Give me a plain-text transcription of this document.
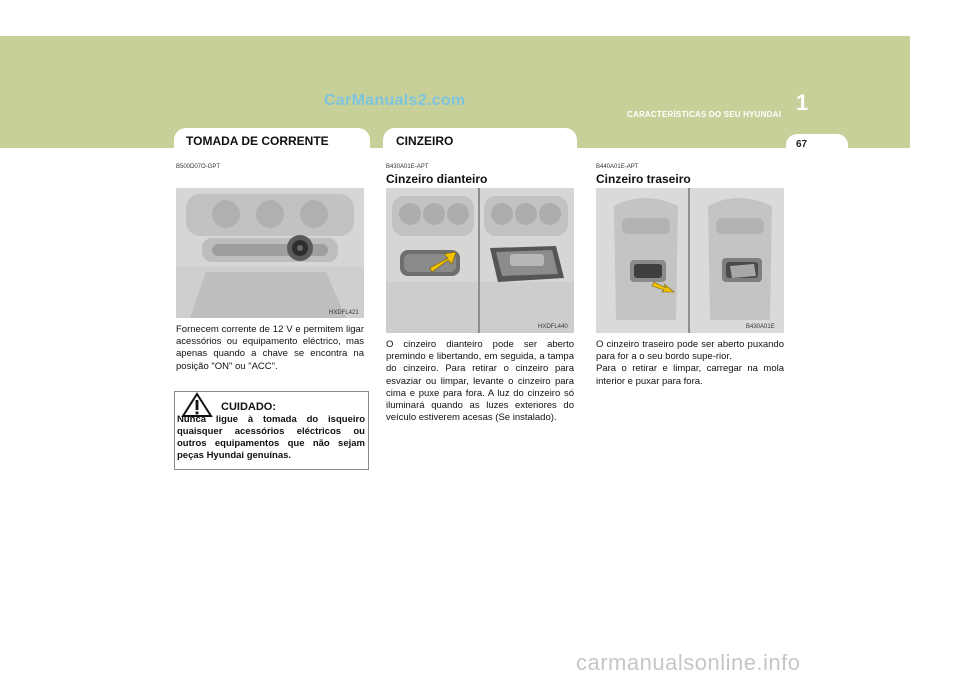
CarManuals2.com	1
CARACTERÍSTICAS DO SEU HYUNDAI
67
TOMADA DE CORRENTE
B500D07O-GPT
HXDFL421

Fornecem corrente de 12 V e permitem ligar acessórios ou equipamento eléctrico, mas apenas quando a chave se encontra na posição "ON" ou "ACC".

CUIDADO:

Nunca ligue à tomada do isqueiro quaisquer acessórios eléctricos ou outros equipamentos que não sejam peças Hyundai genuínas.

CINZEIRO
B430A01E-APT
Cinzeiro dianteiro
HXDFL440

O cinzeiro dianteiro pode ser aberto premindo e libertando, em seguida, a tampa do cinzeiro. Para retirar o cinzeiro para esvaziar ou limpar, levante o cinzeiro para cima e puxe para fora. A luz do cinzeiro só iluminará quando as luzes exteriores do veículo estiverem acesas (Se instalado).

B440A01E-APT
Cinzeiro traseiro
B430A01E

O cinzeiro traseiro pode ser aberto puxando para for a o seu bordo supe-rior.
Para o retirar e limpar, carregar na mola interior e puxar para fora.

carmanualsonline.info
